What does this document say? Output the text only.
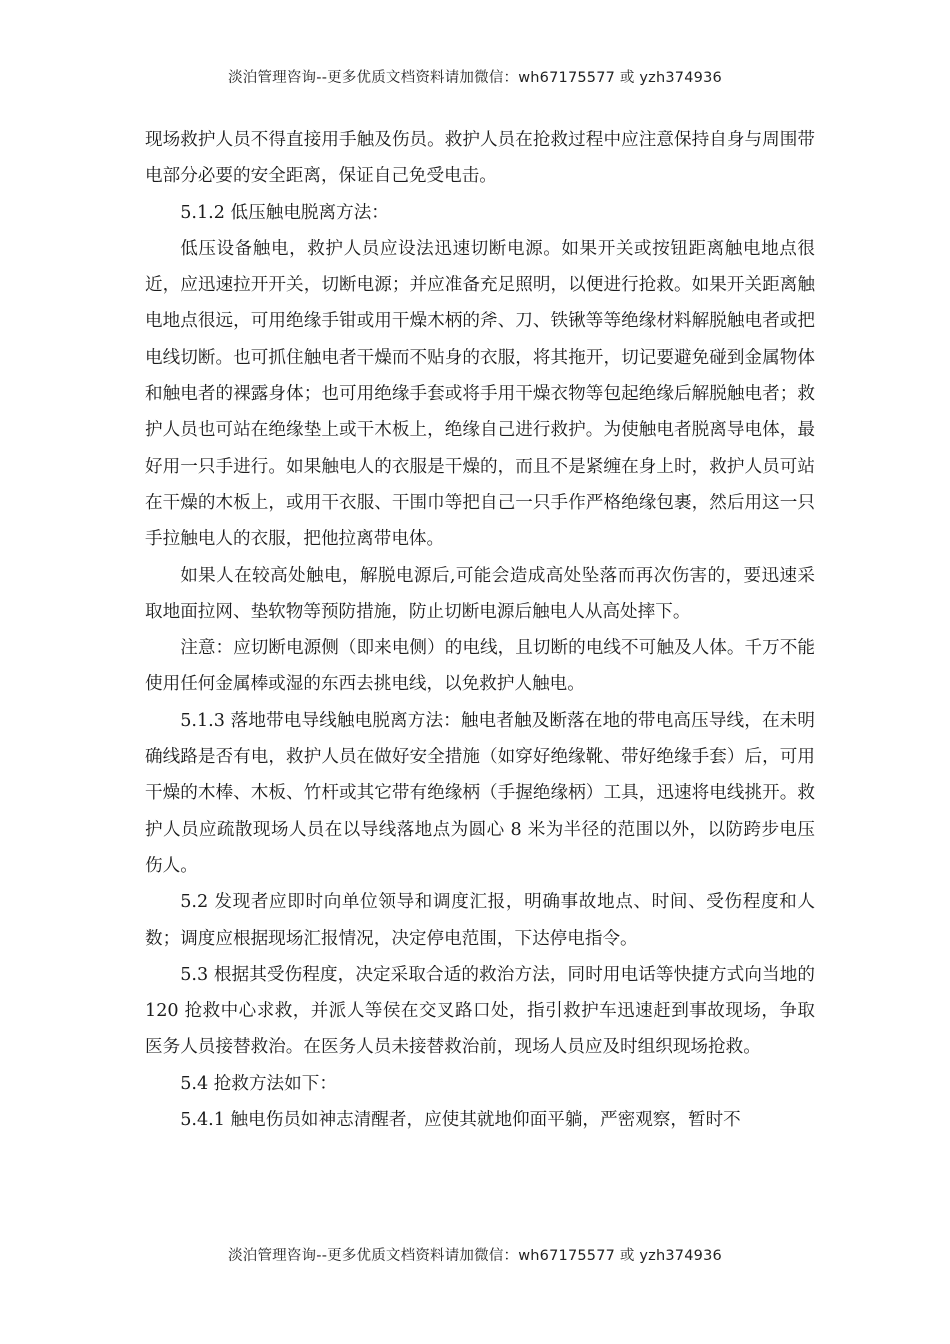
淡泊管理咨询--更多优质文档资料请加微信：wh67175577 或 yzh374936

现场救护人员不得直接用手触及伤员。救护人员在抢救过程中应注意保持自身与周围带电部分必要的安全距离，保证自己免受电击。

5.1.2 低压触电脱离方法：

低压设备触电，救护人员应设法迅速切断电源。如果开关或按钮距离触电地点很近，应迅速拉开开关，切断电源；并应准备充足照明，以便进行抢救。如果开关距离触电地点很远，可用绝缘手钳或用干燥木柄的斧、刀、铁锹等等绝缘材料解脱触电者或把电线切断。也可抓住触电者干燥而不贴身的衣服，将其拖开，切记要避免碰到金属物体和触电者的裸露身体；也可用绝缘手套或将手用干燥衣物等包起绝缘后解脱触电者；救护人员也可站在绝缘垫上或干木板上，绝缘自己进行救护。为使触电者脱离导电体，最好用一只手进行。如果触电人的衣服是干燥的，而且不是紧缠在身上时，救护人员可站在干燥的木板上，或用干衣服、干围巾等把自己一只手作严格绝缘包裹，然后用这一只手拉触电人的衣服，把他拉离带电体。

如果人在较高处触电，解脱电源后,可能会造成高处坠落而再次伤害的，要迅速采取地面拉网、垫软物等预防措施，防止切断电源后触电人从高处摔下。

注意：应切断电源侧（即来电侧）的电线，且切断的电线不可触及人体。千万不能使用任何金属棒或湿的东西去挑电线，以免救护人触电。

5.1.3 落地带电导线触电脱离方法：触电者触及断落在地的带电高压导线，在未明确线路是否有电，救护人员在做好安全措施（如穿好绝缘靴、带好绝缘手套）后，可用干燥的木棒、木板、竹杆或其它带有绝缘柄（手握绝缘柄）工具，迅速将电线挑开。救护人员应疏散现场人员在以导线落地点为圆心 8 米为半径的范围以外，以防跨步电压伤人。

5.2 发现者应即时向单位领导和调度汇报，明确事故地点、时间、受伤程度和人数；调度应根据现场汇报情况，决定停电范围，下达停电指令。

5.3 根据其受伤程度，决定采取合适的救治方法，同时用电话等快捷方式向当地的 120 抢救中心求救，并派人等侯在交叉路口处，指引救护车迅速赶到事故现场，争取医务人员接替救治。在医务人员未接替救治前，现场人员应及时组织现场抢救。

5.4 抢救方法如下：

5.4.1 触电伤员如神志清醒者，应使其就地仰面平躺，严密观察，暂时不

淡泊管理咨询--更多优质文档资料请加微信：wh67175577 或 yzh374936
